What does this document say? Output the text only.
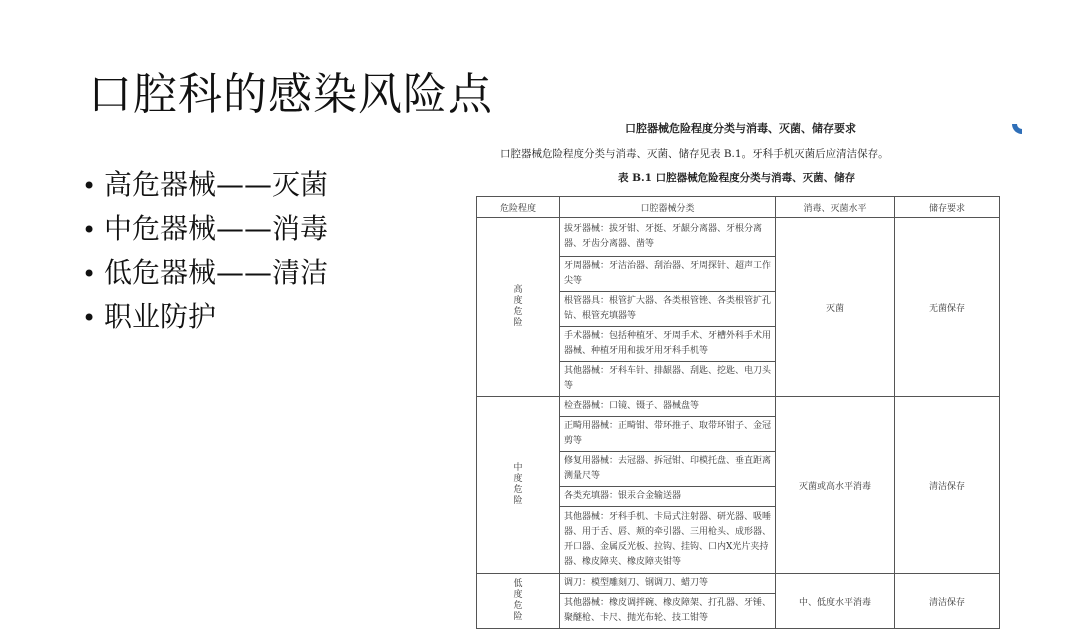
口腔科的感染风险点
• 高危器械——灭菌
• 中危器械——消毒
• 低危器械——清洁
• 职业防护
口腔器械危险程度分类与消毒、灭菌、储存要求
口腔器械危险程度分类与消毒、灭菌、储存见表 B.1。牙科手机灭菌后应清洁保存。
表 B.1 口腔器械危险程度分类与消毒、灭菌、储存
危险程度	口腔器械分类	消毒、灭菌水平	储存要求
高度危险	拔牙器械：拔牙钳、牙挺、牙龈分离器、牙根分离器、牙齿分离器、凿等	灭菌	无菌保存
	牙周器械：牙洁治器、刮治器、牙周探针、超声工作尖等		
	根管器具：根管扩大器、各类根管锉、各类根管扩孔钻、根管充填器等		
	手术器械：包括种植牙、牙周手术、牙槽外科手术用器械、种植牙用和拔牙用牙科手机等		
	其他器械：牙科车针、排龈器、刮匙、挖匙、电刀头等		
中度危险	检查器械：口镜、镊子、器械盘等	灭菌或高水平消毒	清洁保存
	正畸用器械：正畸钳、带环推子、取带环钳子、金冠剪等		
	修复用器械：去冠器、拆冠钳、印模托盘、垂直距离测量尺等		
	各类充填器：银汞合金输送器		
	其他器械：牙科手机、卡局式注射器、研光器、吸唾器、用于舌、唇、颊的牵引器、三用枪头、成形器、开口器、金属反光板、拉钩、挂钩、口内X光片夹持器、橡皮障夹、橡皮障夹钳等		
低度危险	调刀：模型雕刻刀、钢调刀、蜡刀等	中、低度水平消毒	清洁保存
	其他器械：橡皮调拌碗、橡皮障架、打孔器、牙锤、聚醚枪、卡尺、抛光布轮、技工钳等		
